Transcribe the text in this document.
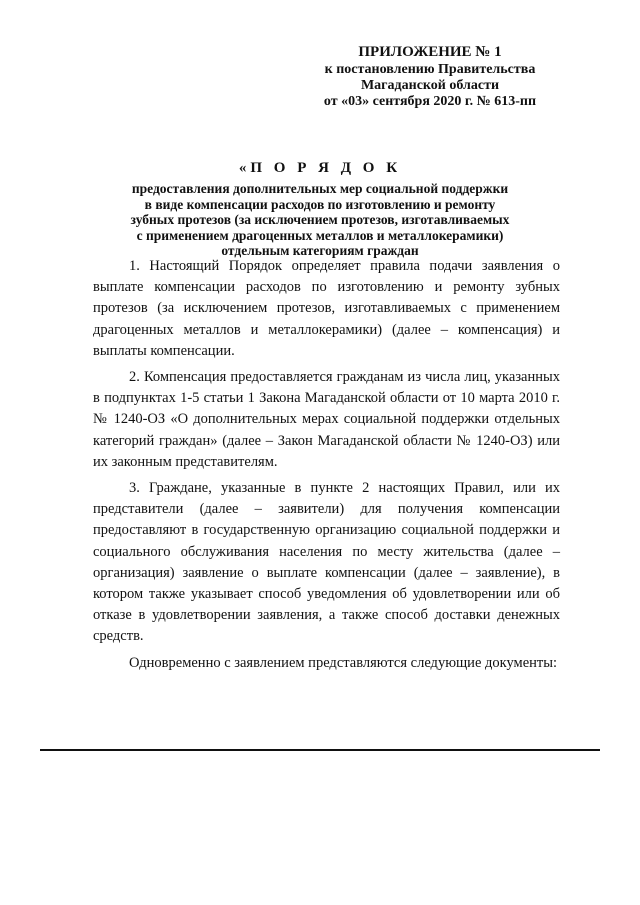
ПРИЛОЖЕНИЕ № 1
к постановлению Правительства
Магаданской области
от «03» сентября 2020 г. № 613-пп
«П О Р Я Д О К
предоставления дополнительных мер социальной поддержки
в виде компенсации расходов по изготовлению и ремонту
зубных протезов (за исключением протезов, изготавливаемых
с применением драгоценных металлов и металлокерамики)
отдельным категориям граждан

1. Настоящий Порядок определяет правила подачи заявления о выплате компенсации расходов по изготовлению и ремонту зубных протезов (за исключением протезов, изготавливаемых с применением драгоценных металлов и металлокерамики) (далее – компенсация) и выплаты компенсации.

2. Компенсация предоставляется гражданам из числа лиц, указанных в подпунктах 1-5 статьи 1 Закона Магаданской области от 10 марта 2010 г. № 1240-ОЗ «О дополнительных мерах социальной поддержки отдельных категорий граждан» (далее – Закон Магаданской области № 1240-ОЗ) или их законным представителям.

3. Граждане, указанные в пункте 2 настоящих Правил, или их представители (далее – заявители) для получения компенсации предоставляют в государственную организацию социальной поддержки и социального обслуживания населения по месту жительства (далее – организация) заявление о выплате компенсации (далее – заявление), в котором также указывает способ уведомления об удовлетворении или об отказе в удовлетворении заявления, а также способ доставки денежных средств.

Одновременно с заявлением представляются следующие документы:
